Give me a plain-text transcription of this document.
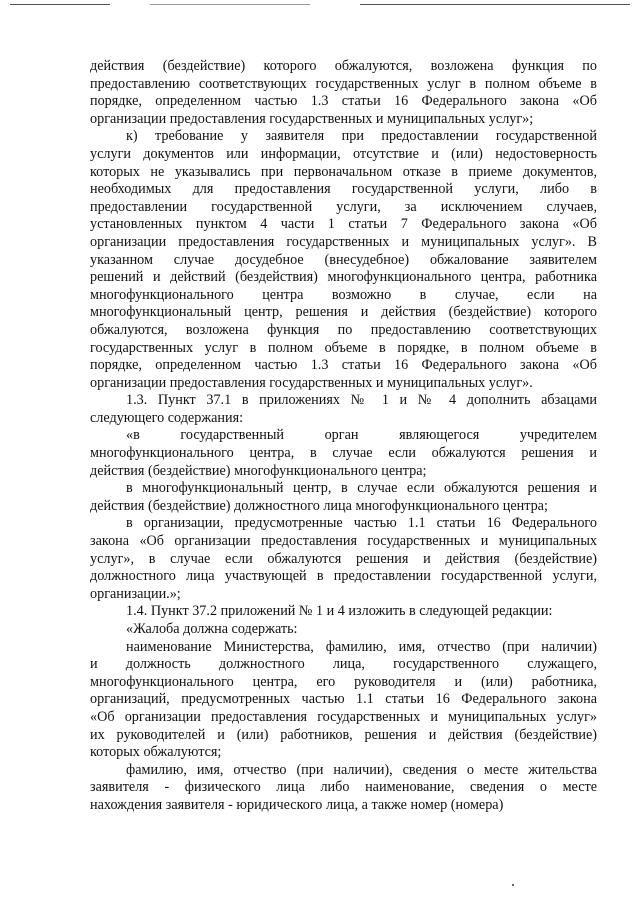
действия (бездействие) которого обжалуются, возложена функция по
предоставлению соответствующих государственных услуг в полном объеме в
порядке, определенном частью 1.3 статьи 16 Федерального закона «Об
организации предоставления государственных и муниципальных услуг»;
к) требование у заявителя при предоставлении государственной
услуги документов или информации, отсутствие и (или) недостоверность
которых не указывались при первоначальном отказе в приеме документов,
необходимых для предоставления государственной услуги, либо в
предоставлении государственной услуги, за исключением случаев,
установленных пунктом 4 части 1 статьи 7 Федерального закона «Об
организации предоставления государственных и муниципальных услуг». В
указанном случае досудебное (внесудебное) обжалование заявителем
решений и действий (бездействия) многофункционального центра, работника
многофункционального центра возможно в случае, если на
многофункциональный центр, решения и действия (бездействие) которого
обжалуются, возложена функция по предоставлению соответствующих
государственных услуг в полном объеме в порядке, в полном объеме в
порядке, определенном частью 1.3 статьи 16 Федерального закона «Об
организации предоставления государственных и муниципальных услуг».
1.3. Пункт 37.1 в приложениях № 1 и № 4 дополнить абзацами
следующего содержания:
«в государственный орган являющегося учредителем
многофункционального центра, в случае если обжалуются решения и
действия (бездействие) многофункционального центра;
в многофункциональный центр, в случае если обжалуются решения и
действия (бездействие) должностного лица многофункционального центра;
в организации, предусмотренные частью 1.1 статьи 16 Федерального
закона «Об организации предоставления государственных и муниципальных
услуг», в случае если обжалуются решения и действия (бездействие)
должностного лица участвующей в предоставлении государственной услуги,
организации.»;
1.4. Пункт 37.2 приложений № 1 и 4 изложить в следующей редакции:
«Жалоба должна содержать:
наименование Министерства, фамилию, имя, отчество (при наличии)
и должность должностного лица, государственного служащего,
многофункционального центра, его руководителя и (или) работника,
организаций, предусмотренных частью 1.1 статьи 16 Федерального закона
«Об организации предоставления государственных и муниципальных услуг»
их руководителей и (или) работников, решения и действия (бездействие)
которых обжалуются;
фамилию, имя, отчество (при наличии), сведения о месте жительства
заявителя - физического лица либо наименование, сведения о месте
нахождения заявителя - юридического лица, а также номер (номера)
